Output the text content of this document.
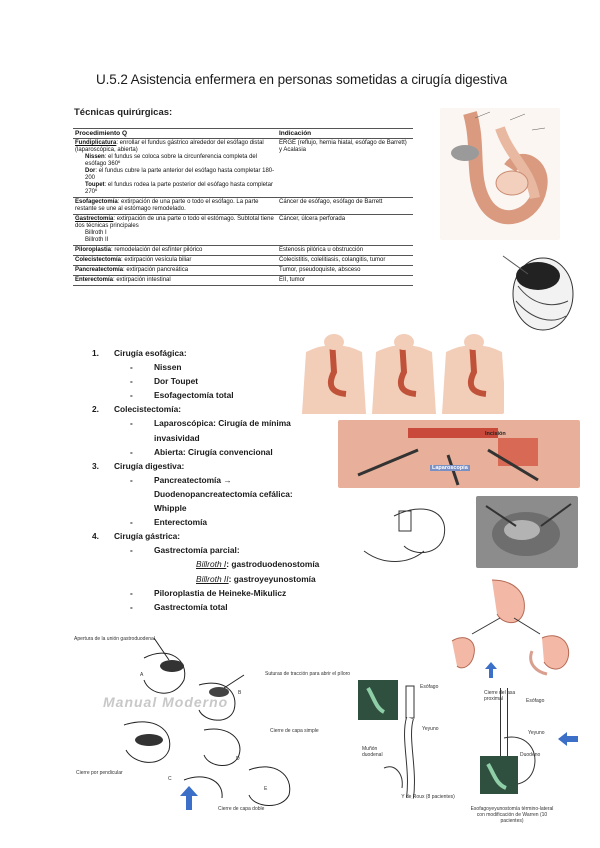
U.5.2 Asistencia enfermera en personas sometidas a cirugía digestiva
Técnicas quirúrgicas:
Procedimiento Q	Indicación
Fundiplicatura: enrollar el fundus gástrico alrededor del esófago distal (laparoscópica, abierta)
Nissen: el fundus se coloca sobre la circunferencia completa del esófago 360º
Dor: el fundus cubre la parte anterior del esófago hasta completar 180-200
Toupet: el fundus rodea la parte posterior del esófago hasta completar 270º	ERGE (reflujo, hernia hiatal, esófago de Barrett) y Acalasia
Esofagectomía: extirpación de una parte o todo el esófago. La parte restante se une al estómago remodelado.	Cáncer de esófago, esófago de Barrett
Gastrectomía: extirpación de una parte o todo el estómago. Subtotal tiene dos técnicas principales
Billroth I
Billroth II	Cáncer, úlcera perforada
Piloroplastia: remodelación del esfínter pilórico	Estenosis pilórica u obstrucción
Colecistectomía: extirpación vesícula biliar	Colecistitis, colelitiasis, colangitis, tumor
Pancreatectomía: extirpación pancreática	Tumor, pseudoquiste, absceso
Enterectomía: extirpación intestinal	EII, tumor
1. Cirugía esofágica:
-	Nissen
-	Dor Toupet
-	Esofagectomía total
2. Colecistectomía:
-	Laparoscópica: Cirugía de mínima
invasividad
-	Abierta: Cirugía convencional
3. Cirugía digestiva:
-	Pancreatectomía →
Duodenopancreatectomía cefálica:
Whipple
-	Enterectomía
4. Cirugía gástrica:
-	Gastrectomía parcial:
Billroth I: gastroduodenostomía
Billroth II: gastroyeyunostomía
-	Piloroplastia de Heineke-Mikulicz
-	Gastrectomía total
Incisión
Laparoscopia
Manual Moderno
Apertura de la unión gastroduodenal
Suturas de tracción para abrir el píloro
Cierre de capa simple
Cierre por pendicular
Cierre de capa doble
A
B
C
D
E
Esófago
Yeyuno
Muñón duodenal
Y de Roux (8 pacientes)
Cierre del asa proximal	Esófago
Yeyuno
Duodeno
Esofagoyeyunostomía término-lateral con modificación de Warren (10 pacientes)
